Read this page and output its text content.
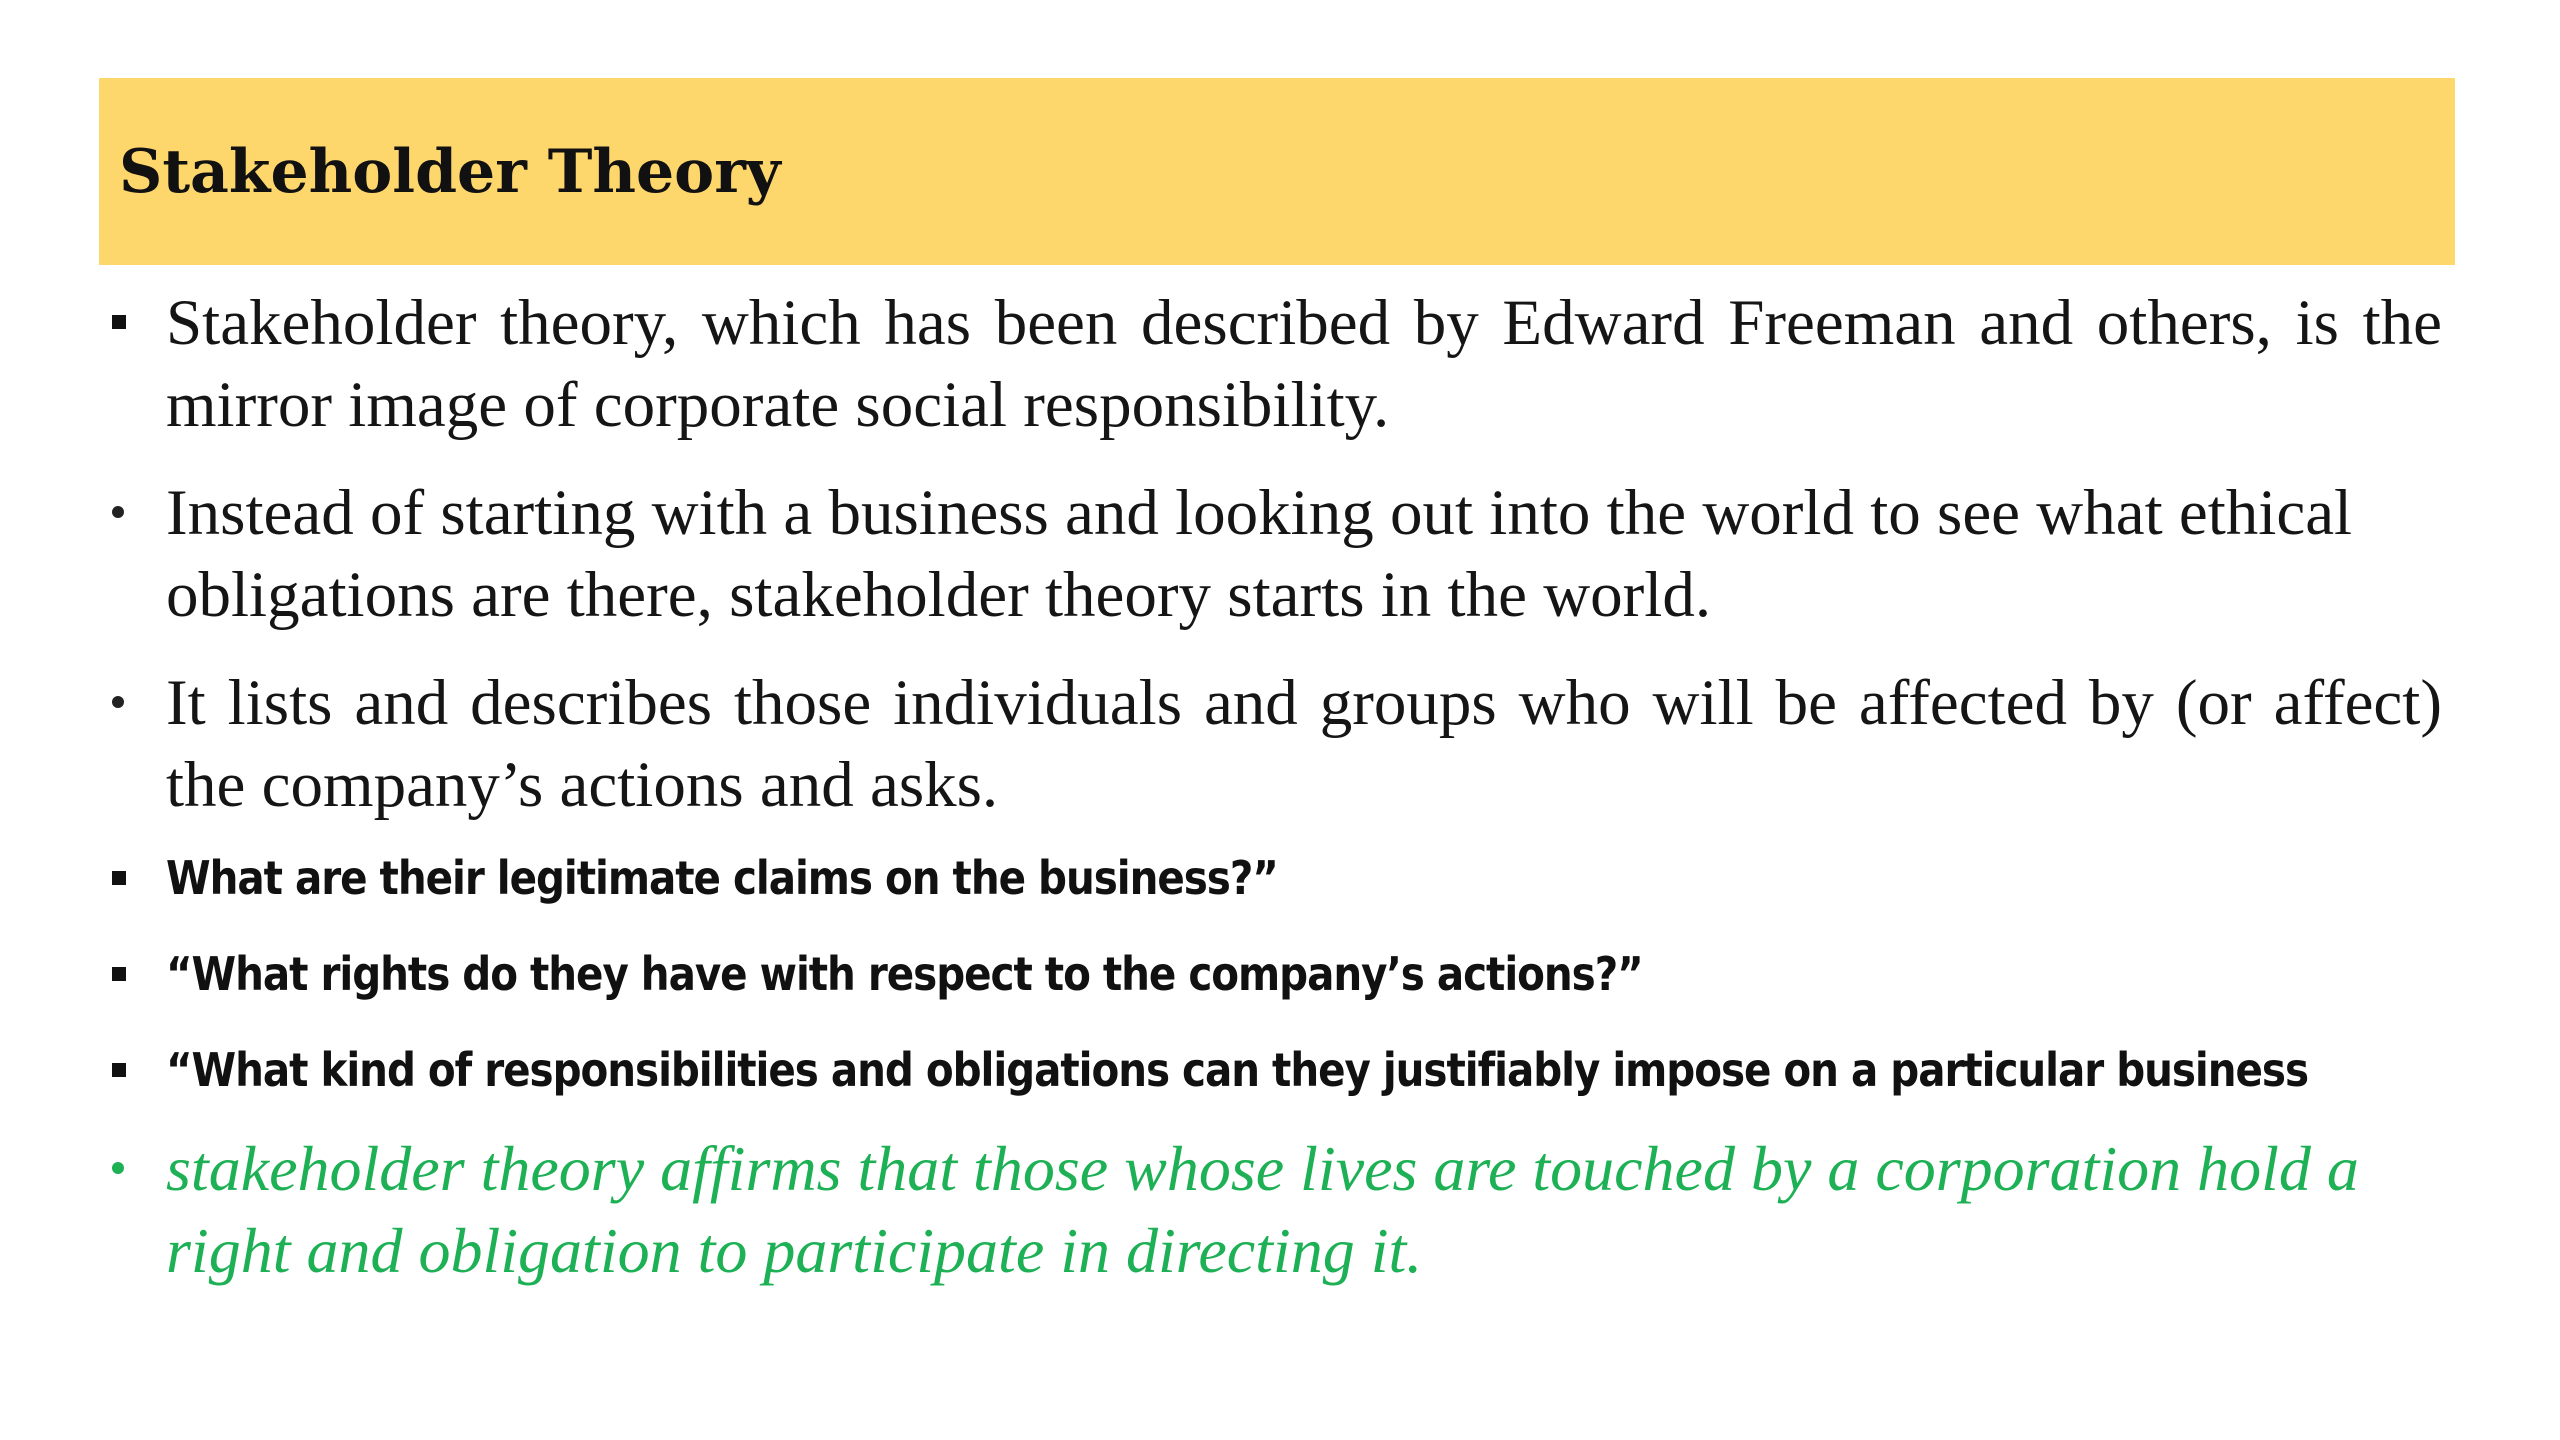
Stakeholder Theory
Stakeholder theory, which has been described by Edward Freeman and others, is the mirror image of corporate social responsibility.
Instead of starting with a business and looking out into the world to see what ethical obligations are there, stakeholder theory starts in the world.
It lists and describes those individuals and groups who will be affected by (or affect) the company’s actions and asks.
What are their legitimate claims on the business?”
“What rights do they have with respect to the company’s actions?”
“What kind of responsibilities and obligations can they justifiably impose on a particular business
stakeholder theory affirms that those whose lives are touched by a corporation hold a right and obligation to participate in directing it.
